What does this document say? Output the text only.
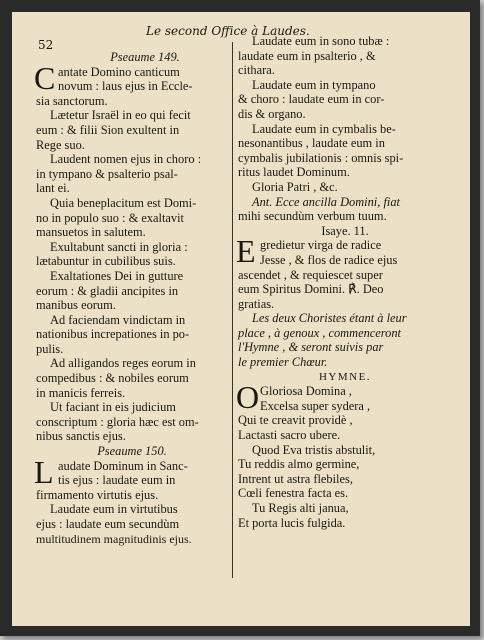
52
Le second Office à Laudes.
Pseaume 149.
C antate Domino canticum
novum : laus ejus in Eccle-
sia sanctorum.
Lætetur Israël in eo qui fecit
eum : & filii Sion exultent in
Rege suo.
Laudent nomen ejus in choro :
in tympano & psalterio psal-
lant ei.
Quia beneplacitum est Domi-
no in populo suo : & exaltavit
mansuetos in salutem.
Exultabunt sancti in gloria :
lætabuntur in cubilibus suis.
Exaltationes Dei in gutture
eorum : & gladii ancipites in
manibus eorum.
Ad faciendam vindictam in
nationibus increpationes in po-
pulis.
Ad alligandos reges eorum in
compedibus : & nobiles eorum
in manicis ferreis.
Ut faciant in eis judicium
conscriptum : gloria hæc est om-
nibus sanctis ejus.
Pseaume 150.
L audate Dominum in Sanc-
tis ejus : laudate eum in
firmamento virtutis ejus.
Laudate eum in virtutibus
ejus : laudate eum secundùm
multitudinem magnitudinis ejus.
Laudate eum in sono tubæ :
laudate eum in psalterio , &
cithara.
Laudate eum in tympano
& choro : laudate eum in cor-
dis & organo.
Laudate eum in cymbalis be-
nesonantibus , laudate eum in
cymbalis jubilationis : omnis spi-
ritus laudet Dominum.
Gloria Patri , &c.
Ant. Ecce ancilla Domini, fiat
mihi secundùm verbum tuum.
Isaye. 11.
E gredietur virga de radice
Jesse , & flos de radice ejus
ascendet , & requiescet super
eum Spiritus Domini. ℟. Deo
gratias.
Les deux Choristes étant à leur
place , à genoux , commenceront
l'Hymne , & seront suivis par
le premier Chœur.
HYMNE.
O Gloriosa Domina ,
Excelsa super sydera ,
Qui te creavit providè ,
Lactasti sacro ubere.
Quod Eva tristis abstulit,
Tu reddis almo germine,
Intrent ut astra flebiles,
Cœli fenestra facta es.
Tu Regis alti janua,
Et porta lucis fulgida.
